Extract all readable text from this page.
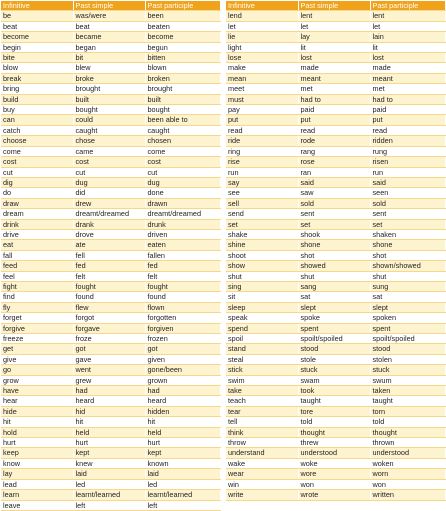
Infinitive	Past simple	Past participle
be	was/were	been
beat	beat	beaten
become	became	become
begin	began	begun
bite	bit	bitten
blow	blew	blown
break	broke	broken
bring	brought	brought
build	built	built
buy	bought	bought
can	could	been able to
catch	caught	caught
choose	chose	chosen
come	came	come
cost	cost	cost
cut	cut	cut
dig	dug	dug
do	did	done
draw	drew	drawn
dream	dreamt/dreamed	dreamt/dreamed
drink	drank	drunk
drive	drove	driven
eat	ate	eaten
fall	fell	fallen
feed	fed	fed
feel	felt	felt
fight	fought	fought
find	found	found
fly	flew	flown
forget	forgot	forgotten
forgive	forgave	forgiven
freeze	froze	frozen
get	got	got
give	gave	given
go	went	gone/been
grow	grew	grown
have	had	had
hear	heard	heard
hide	hid	hidden
hit	hit	hit
hold	held	held
hurt	hurt	hurt
keep	kept	kept
know	knew	known
lay	laid	laid
lead	led	led
learn	learnt/learned	learnt/learned
leave	left	left
Infinitive	Past simple	Past participle
lend	lent	lent
let	let	let
lie	lay	lain
light	lit	lit
lose	lost	lost
make	made	made
mean	meant	meant
meet	met	met
must	had to	had to
pay	paid	paid
put	put	put
read	read	read
ride	rode	ridden
ring	rang	rung
rise	rose	risen
run	ran	run
say	said	said
see	saw	seen
sell	sold	sold
send	sent	sent
set	set	set
shake	shook	shaken
shine	shone	shone
shoot	shot	shot
show	showed	shown/showed
shut	shut	shut
sing	sang	sung
sit	sat	sat
sleep	slept	slept
speak	spoke	spoken
spend	spent	spent
spoil	spoilt/spoiled	spoilt/spoiled
stand	stood	stood
steal	stole	stolen
stick	stuck	stuck
swim	swam	swum
take	took	taken
teach	taught	taught
tear	tore	torn
tell	told	told
think	thought	thought
throw	threw	thrown
understand	understood	understood
wake	woke	woken
wear	wore	worn
win	won	won
write	wrote	written
